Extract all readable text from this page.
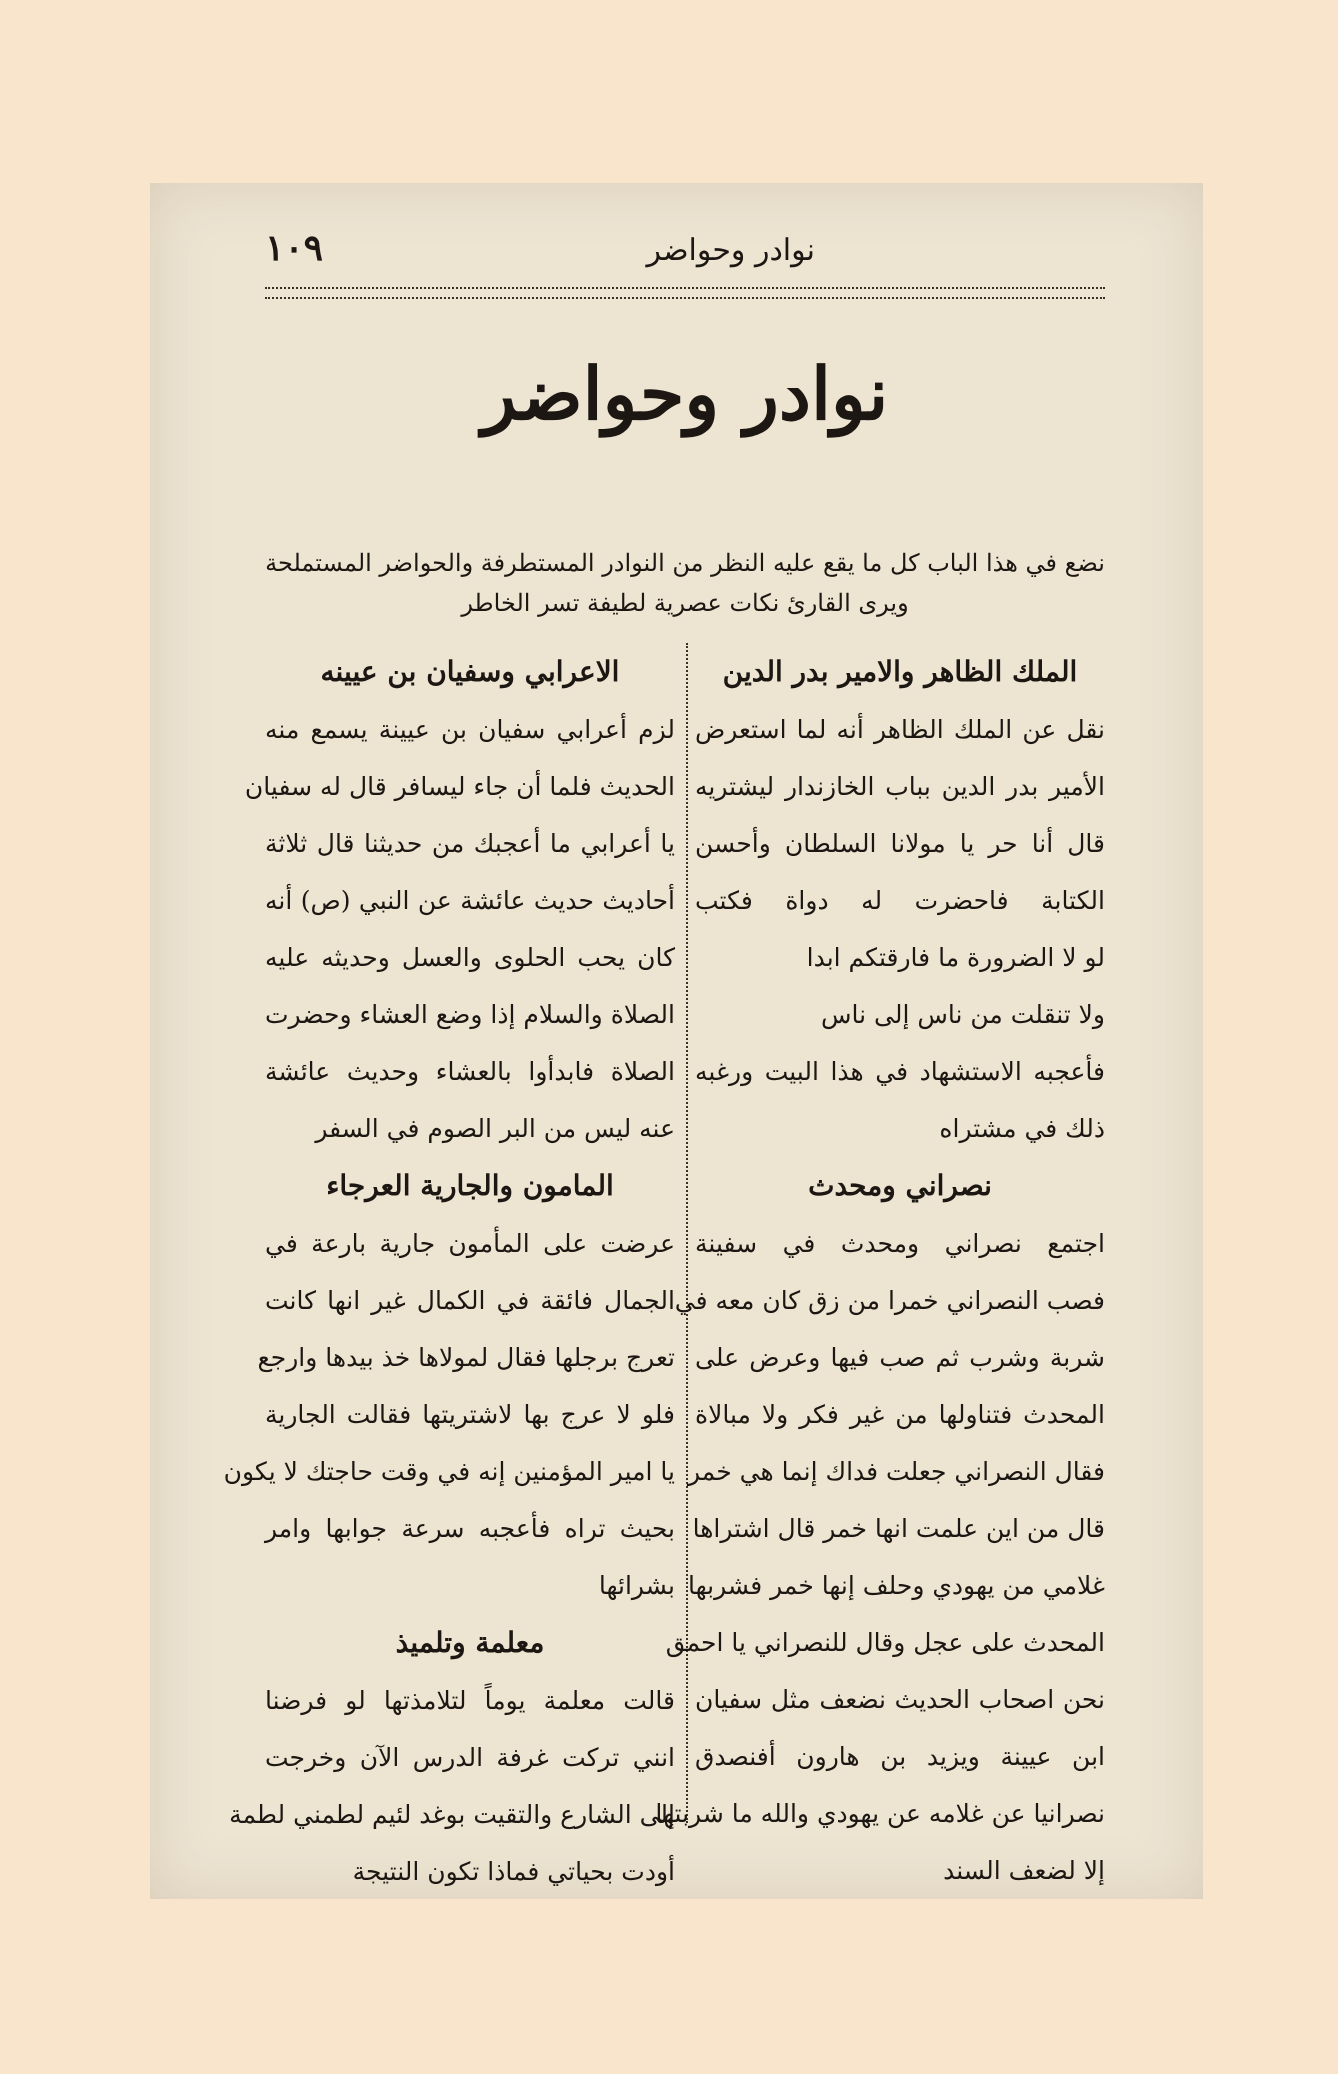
نوادر وحواضر
١٠٩
نوادر وحواضر

نضع في هذا الباب كل ما يقع عليه النظر من النوادر المستطرفة والحواضر المستملحة

ويرى القارئ نكات عصرية لطيفة تسر الخاطر

الملك الظاهر والامير بدر الدين

نقل عن الملك الظاهر أنه لما استعرض

الأمير بدر الدين بباب الخازندار ليشتريه

قال أنا حر يا مولانا السلطان وأحسن

الكتابة فاحضرت له دواة فكتب

لو لا الضرورة ما فارقتكم ابدا

ولا تنقلت من ناس إلى ناس

فأعجبه الاستشهاد في هذا البيت ورغبه

ذلك في مشتراه

نصراني ومحدث

اجتمع نصراني ومحدث في سفينة

فصب النصراني خمرا من زق كان معه في

شربة وشرب ثم صب فيها وعرض على

المحدث فتناولها من غير فكر ولا مبالاة

فقال النصراني جعلت فداك إنما هي خمر

قال من اين علمت انها خمر قال اشتراها

غلامي من يهودي وحلف إنها خمر فشربها

المحدث على عجل وقال للنصراني يا احمق

نحن اصحاب الحديث نضعف مثل سفيان

ابن عيينة ويزيد بن هارون أفنصدق

نصرانيا عن غلامه عن يهودي والله ما شربتها

إلا لضعف السند

الاعرابي وسفيان بن عيينه

لزم أعرابي سفيان بن عيينة يسمع منه

الحديث فلما أن جاء ليسافر قال له سفيان

يا أعرابي ما أعجبك من حديثنا قال ثلاثة

أحاديث حديث عائشة عن النبي (ص) أنه

كان يحب الحلوى والعسل وحديثه عليه

الصلاة والسلام إذا وضع العشاء وحضرت

الصلاة فابدأوا بالعشاء وحديث عائشة

عنه ليس من البر الصوم في السفر

المامون والجارية العرجاء

عرضت على المأمون جارية بارعة في

الجمال فائقة في الكمال غير انها كانت

تعرج برجلها فقال لمولاها خذ بيدها وارجع

فلو لا عرج بها لاشتريتها فقالت الجارية

يا امير المؤمنين إنه في وقت حاجتك لا يكون

بحيث تراه فأعجبه سرعة جوابها وامر

بشرائها

معلمة وتلميذ

قالت معلمة يوماً لتلامذتها لو فرضنا

انني تركت غرفة الدرس الآن وخرجت

إلى الشارع والتقيت بوغد لئيم لطمني لطمة

أودت بحياتي فماذا تكون النتيجة
